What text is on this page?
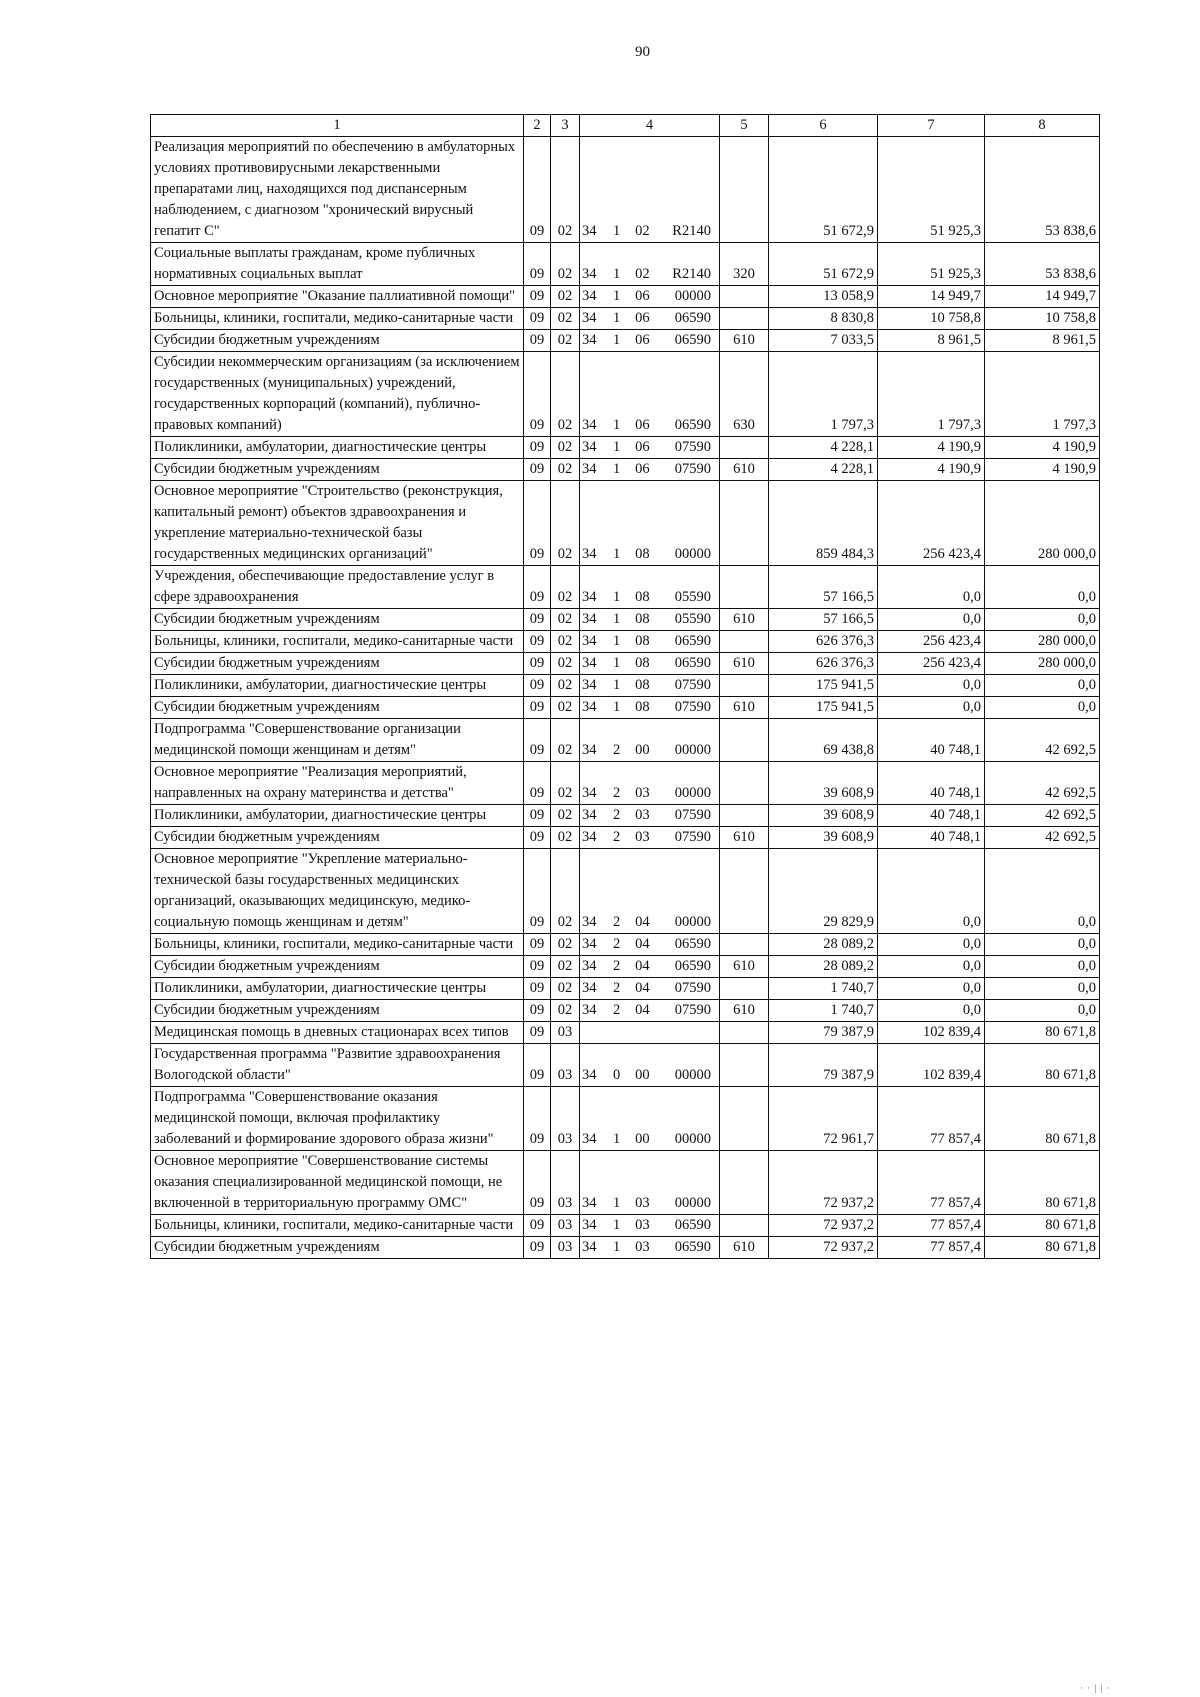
90
1	2	3	4	5	6	7	8
Реализация мероприятий по обеспечению в амбулаторных условиях противовирусными лекарственными препаратами лиц, находящихся под диспансерным наблюдением, с диагнозом "хронический вирусный гепатит С"	09	02	34 1 02 R2140		51 672,9	51 925,3	53 838,6
Социальные выплаты гражданам, кроме публичных нормативных социальных выплат	09	02	34 1 02 R2140	320	51 672,9	51 925,3	53 838,6
Основное мероприятие "Оказание паллиативной помощи"	09	02	34 1 06 00000		13 058,9	14 949,7	14 949,7
Больницы, клиники, госпитали, медико-санитарные части	09	02	34 1 06 06590		8 830,8	10 758,8	10 758,8
Субсидии бюджетным учреждениям	09	02	34 1 06 06590	610	7 033,5	8 961,5	8 961,5
Субсидии некоммерческим организациям (за исключением государственных (муниципальных) учреждений, государственных корпораций (компаний), публично-правовых компаний)	09	02	34 1 06 06590	630	1 797,3	1 797,3	1 797,3
Поликлиники, амбулатории, диагностические центры	09	02	34 1 06 07590		4 228,1	4 190,9	4 190,9
Субсидии бюджетным учреждениям	09	02	34 1 06 07590	610	4 228,1	4 190,9	4 190,9
Основное мероприятие "Строительство (реконструкция, капитальный ремонт) объектов здравоохранения и укрепление материально-технической базы государственных медицинских организаций"	09	02	34 1 08 00000		859 484,3	256 423,4	280 000,0
Учреждения, обеспечивающие предоставление услуг в сфере здравоохранения	09	02	34 1 08 05590		57 166,5	0,0	0,0
Субсидии бюджетным учреждениям	09	02	34 1 08 05590	610	57 166,5	0,0	0,0
Больницы, клиники, госпитали, медико-санитарные части	09	02	34 1 08 06590		626 376,3	256 423,4	280 000,0
Субсидии бюджетным учреждениям	09	02	34 1 08 06590	610	626 376,3	256 423,4	280 000,0
Поликлиники, амбулатории, диагностические центры	09	02	34 1 08 07590		175 941,5	0,0	0,0
Субсидии бюджетным учреждениям	09	02	34 1 08 07590	610	175 941,5	0,0	0,0
Подпрограмма "Совершенствование организации медицинской помощи женщинам и детям"	09	02	34 2 00 00000		69 438,8	40 748,1	42 692,5
Основное мероприятие "Реализация мероприятий, направленных на охрану материнства и детства"	09	02	34 2 03 00000		39 608,9	40 748,1	42 692,5
Поликлиники, амбулатории, диагностические центры	09	02	34 2 03 07590		39 608,9	40 748,1	42 692,5
Субсидии бюджетным учреждениям	09	02	34 2 03 07590	610	39 608,9	40 748,1	42 692,5
Основное мероприятие "Укрепление материально-технической базы государственных медицинских организаций, оказывающих медицинскую, медико-социальную помощь женщинам и детям"	09	02	34 2 04 00000		29 829,9	0,0	0,0
Больницы, клиники, госпитали, медико-санитарные части	09	02	34 2 04 06590		28 089,2	0,0	0,0
Субсидии бюджетным учреждениям	09	02	34 2 04 06590	610	28 089,2	0,0	0,0
Поликлиники, амбулатории, диагностические центры	09	02	34 2 04 07590		1 740,7	0,0	0,0
Субсидии бюджетным учреждениям	09	02	34 2 04 07590	610	1 740,7	0,0	0,0
Медицинская помощь в дневных стационарах всех типов	09	03			79 387,9	102 839,4	80 671,8
Государственная программа "Развитие здравоохранения Вологодской области"	09	03	34 0 00 00000		79 387,9	102 839,4	80 671,8
Подпрограмма "Совершенствование оказания медицинской помощи, включая профилактику заболеваний и формирование здорового образа жизни"	09	03	34 1 00 00000		72 961,7	77 857,4	80 671,8
Основное мероприятие "Совершенствование системы оказания специализированной медицинской помощи, не включенной в территориальную программу ОМС"	09	03	34 1 03 00000		72 937,2	77 857,4	80 671,8
Больницы, клиники, госпитали, медико-санитарные части	09	03	34 1 03 06590		72 937,2	77 857,4	80 671,8
Субсидии бюджетным учреждениям	09	03	34 1 03 06590	610	72 937,2	77 857,4	80 671,8
· · | | ·
